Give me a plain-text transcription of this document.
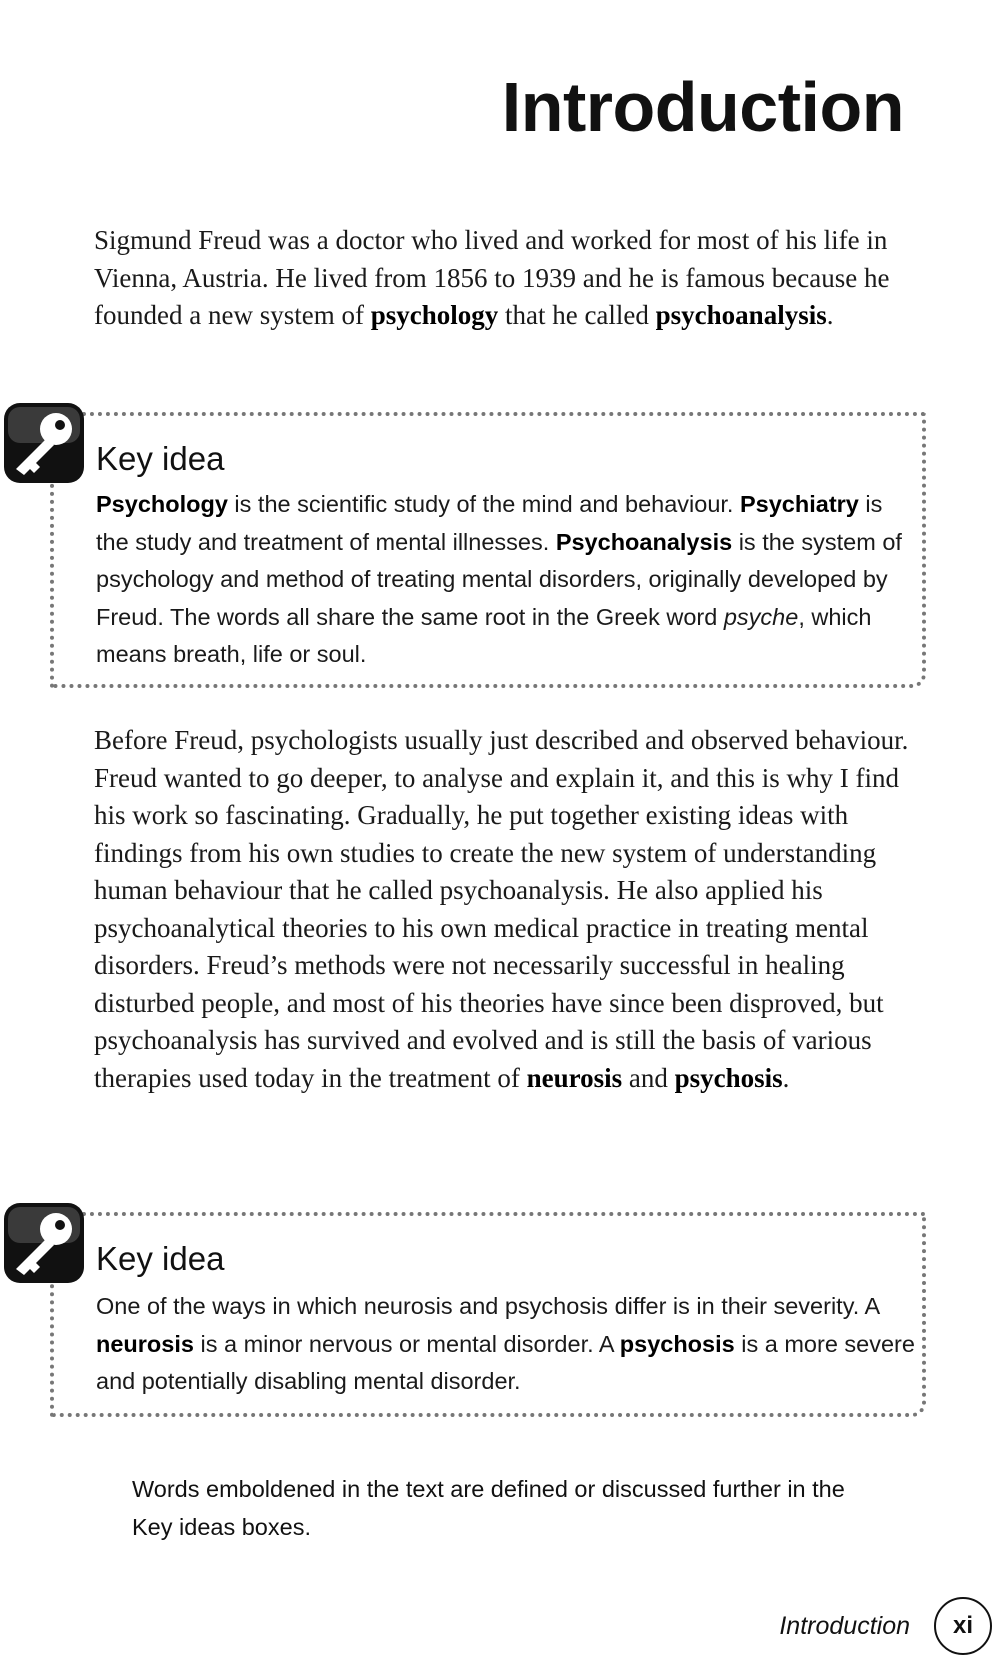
Introduction

Sigmund Freud was a doctor who lived and worked for most of his life in Vienna, Austria. He lived from 1856 to 1939 and he is famous because he founded a new system of psychology that he called psychoanalysis.

Key idea

Psychology is the scientific study of the mind and behaviour. Psychiatry is the study and treatment of mental illnesses. Psychoanalysis is the system of psychology and method of treating mental disorders, originally developed by Freud. The words all share the same root in the Greek word psyche, which means breath, life or soul.

Before Freud, psychologists usually just described and observed behaviour. Freud wanted to go deeper, to analyse and explain it, and this is why I find his work so fascinating. Gradually, he put together existing ideas with findings from his own studies to create the new system of understanding human behaviour that he called psychoanalysis. He also applied his psychoanalytical theories to his own medical practice in treating mental disorders. Freud’s methods were not necessarily successful in healing disturbed people, and most of his theories have since been disproved, but psychoanalysis has survived and evolved and is still the basis of various therapies used today in the treatment of neurosis and psychosis.

Key idea

One of the ways in which neurosis and psychosis differ is in their severity. A neurosis is a minor nervous or mental disorder. A psychosis is a more severe and potentially disabling mental disorder.

Words emboldened in the text are defined or discussed further in the Key ideas boxes.

Introduction	xi
